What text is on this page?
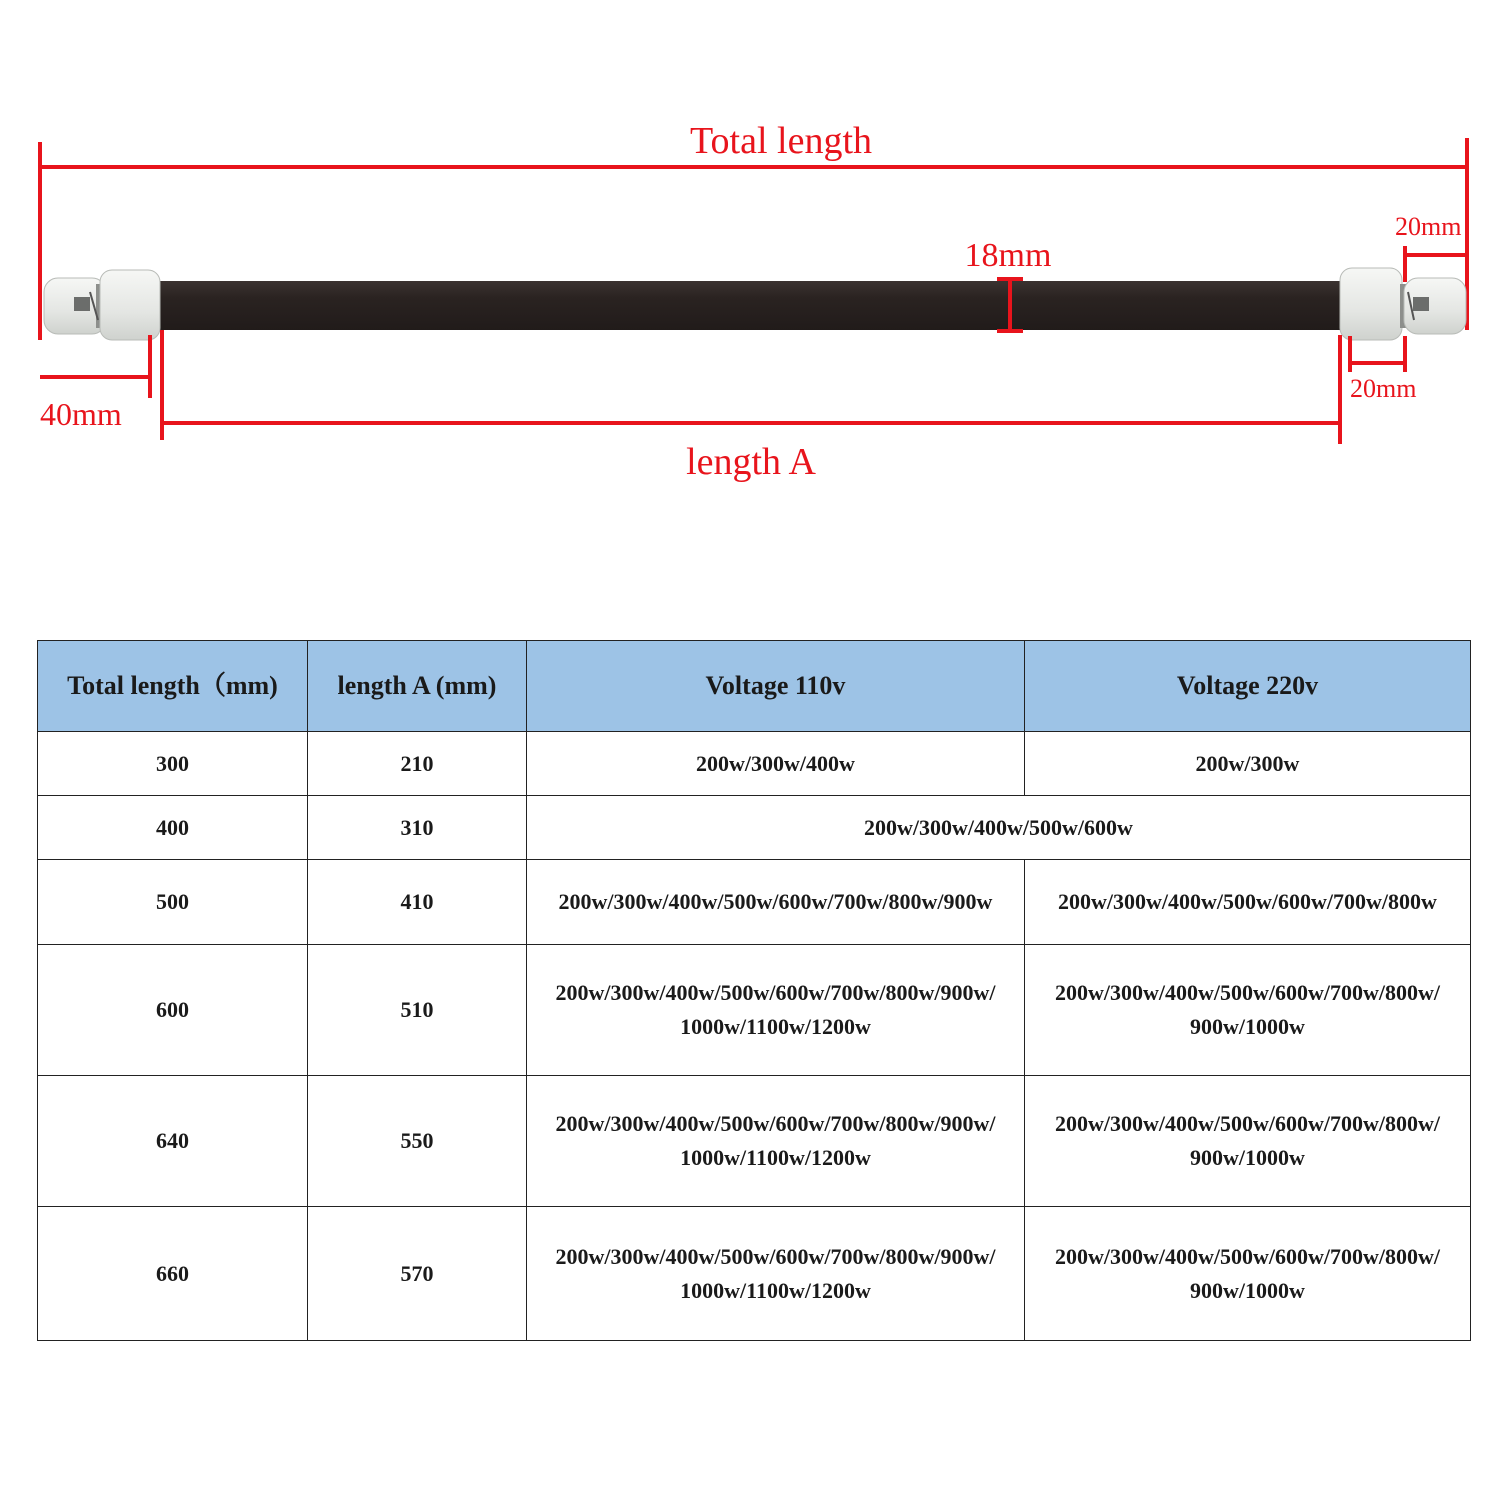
Total length
18mm
40mm
length A
20mm
20mm
Total length（mm)	length A (mm)	Voltage 110v	Voltage 220v
300	210	200w/300w/400w	200w/300w
400	310	200w/300w/400w/500w/600w	
500	410	200w/300w/400w/500w/600w/700w/800w/900w	200w/300w/400w/500w/600w/700w/800w
600	510	200w/300w/400w/500w/600w/700w/800w/900w/
1000w/1100w/1200w	200w/300w/400w/500w/600w/700w/800w/
900w/1000w
640	550	200w/300w/400w/500w/600w/700w/800w/900w/
1000w/1100w/1200w	200w/300w/400w/500w/600w/700w/800w/
900w/1000w
660	570	200w/300w/400w/500w/600w/700w/800w/900w/
1000w/1100w/1200w	200w/300w/400w/500w/600w/700w/800w/
900w/1000w
